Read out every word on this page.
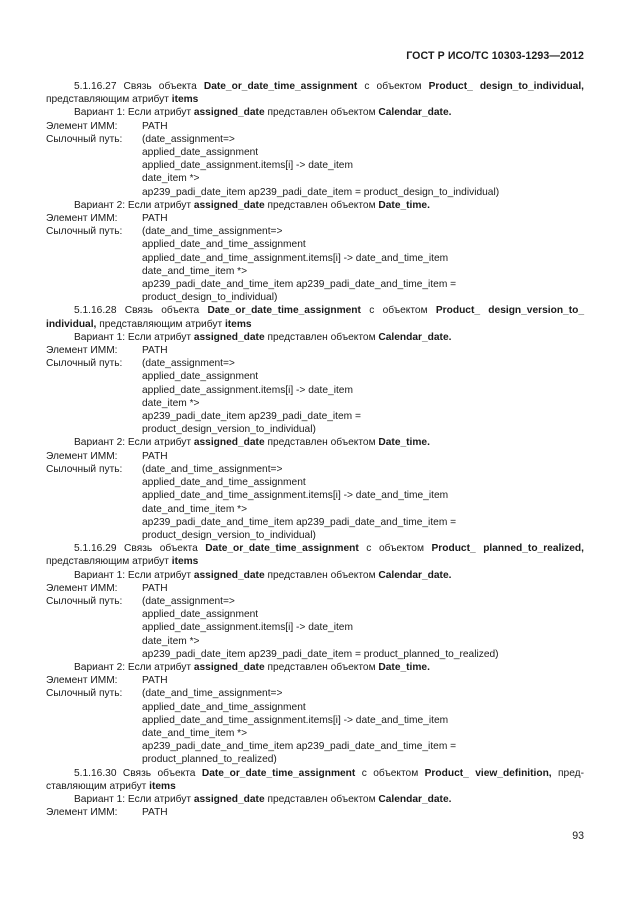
ГОСТ Р ИСО/ТС 10303-1293—2012
5.1.16.27 Связь объекта Date_or_date_time_assignment с объектом Product_ design_to_individual,
представляющим атрибут items
Вариант 1: Если атрибут assigned_date представлен объектом Calendar_date.
Элемент ИММ: PATH
Сылочный путь: (date_assignment=>
applied_date_assignment
applied_date_assignment.items[i] -> date_item
date_item *>
ap239_padi_date_item ap239_padi_date_item = product_design_to_individual)
Вариант 2: Если атрибут assigned_date представлен объектом Date_time.
Элемент ИММ: PATH
Сылочный путь: (date_and_time_assignment=>
applied_date_and_time_assignment
applied_date_and_time_assignment.items[i] -> date_and_time_item
date_and_time_item *>
ap239_padi_date_and_time_item ap239_padi_date_and_time_item =
product_design_to_individual)
5.1.16.28 Связь объекта Date_or_date_time_assignment с объектом Product_ design_version_to_
individual, представляющим атрибут items
Вариант 1: Если атрибут assigned_date представлен объектом Calendar_date.
Элемент ИММ: PATH
Сылочный путь: (date_assignment=>
applied_date_assignment
applied_date_assignment.items[i] -> date_item
date_item *>
ap239_padi_date_item ap239_padi_date_item =
product_design_version_to_individual)
Вариант 2: Если атрибут assigned_date представлен объектом Date_time.
Элемент ИММ: PATH
Сылочный путь: (date_and_time_assignment=>
applied_date_and_time_assignment
applied_date_and_time_assignment.items[i] -> date_and_time_item
date_and_time_item *>
ap239_padi_date_and_time_item ap239_padi_date_and_time_item =
product_design_version_to_individual)
5.1.16.29 Связь объекта Date_or_date_time_assignment с объектом Product_ planned_to_realized,
представляющим атрибут items
Вариант 1: Если атрибут assigned_date представлен объектом Calendar_date.
Элемент ИММ: PATH
Сылочный путь: (date_assignment=>
applied_date_assignment
applied_date_assignment.items[i] -> date_item
date_item *>
ap239_padi_date_item ap239_padi_date_item = product_planned_to_realized)
Вариант 2: Если атрибут assigned_date представлен объектом Date_time.
Элемент ИММ: PATH
Сылочный путь: (date_and_time_assignment=>
applied_date_and_time_assignment
applied_date_and_time_assignment.items[i] -> date_and_time_item
date_and_time_item *>
ap239_padi_date_and_time_item ap239_padi_date_and_time_item =
product_planned_to_realized)
5.1.16.30 Связь объекта Date_or_date_time_assignment с объектом Product_ view_definition, пред-
ставляющим атрибут items
Вариант 1: Если атрибут assigned_date представлен объектом Calendar_date.
Элемент ИММ: PATH
93
